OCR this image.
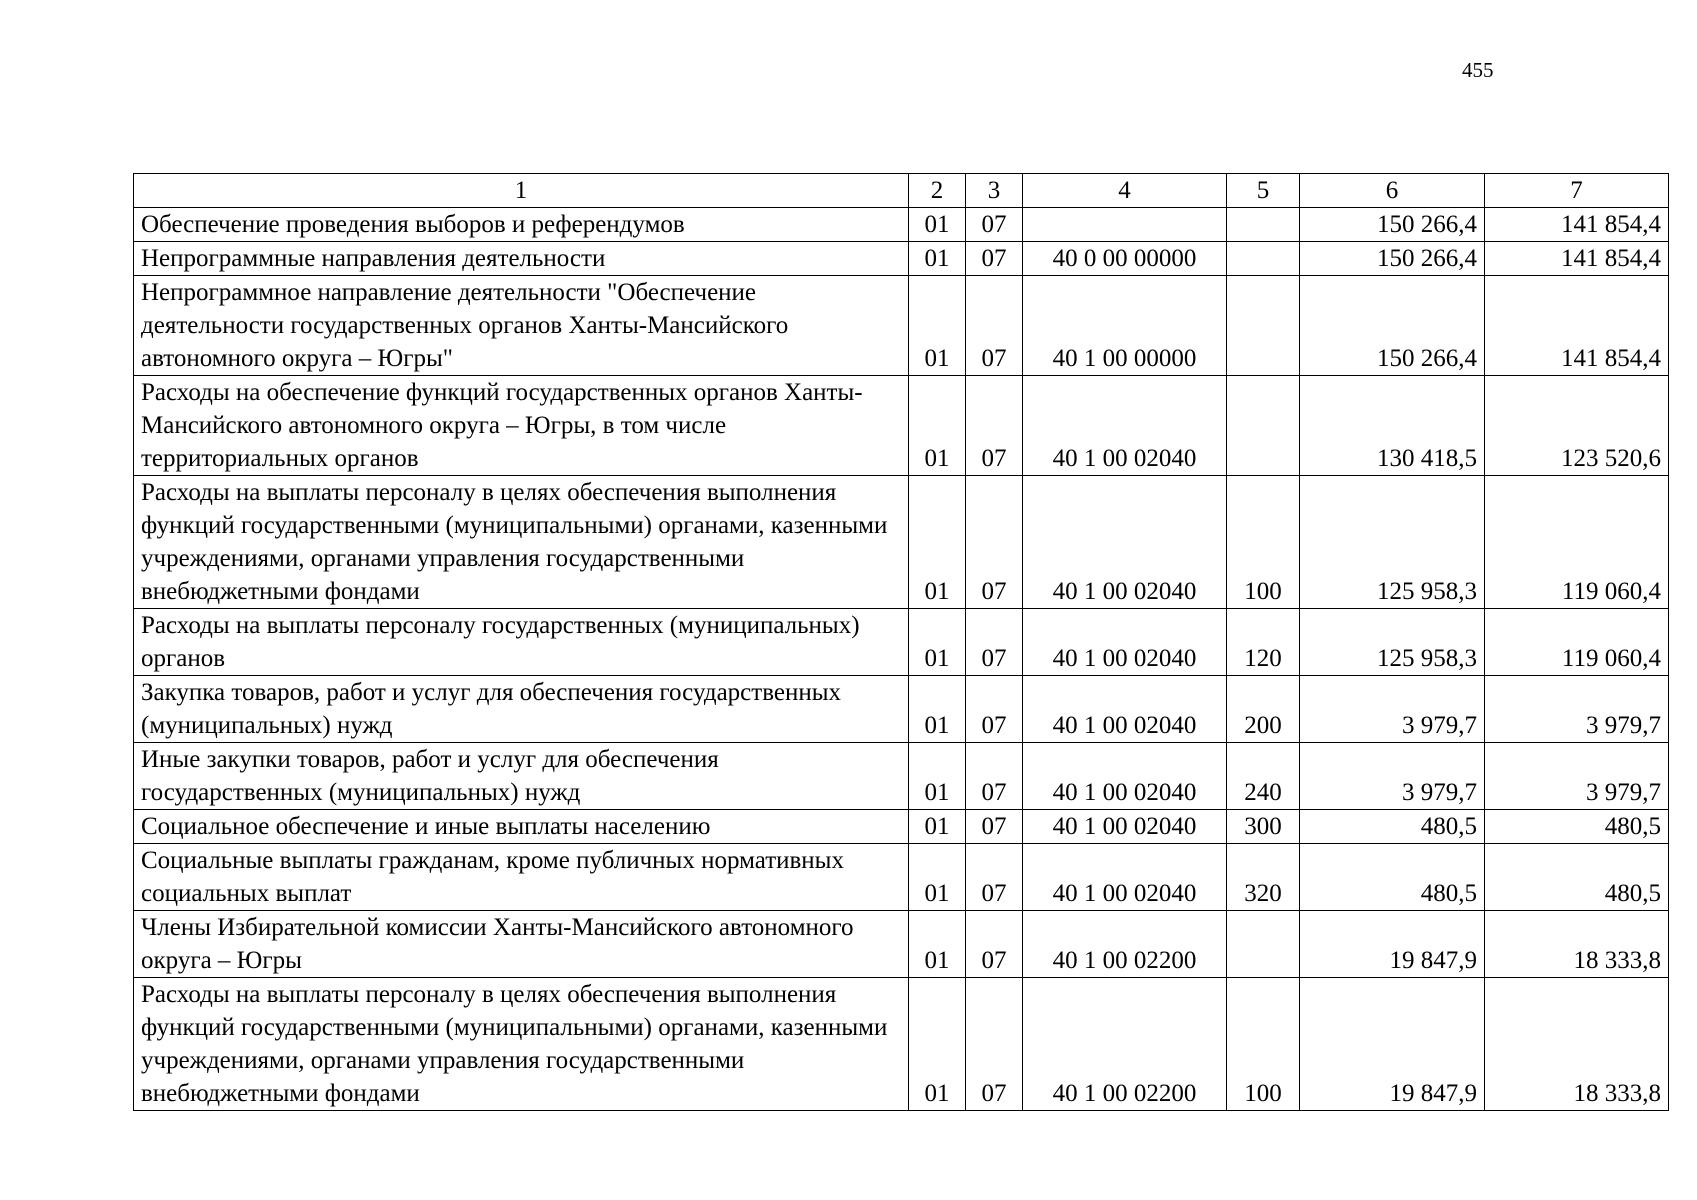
455
1	2	3	4	5	6	7
Обеспечение проведения выборов и референдумов	01	07			150 266,4	141 854,4
Непрограммные направления деятельности	01	07	40 0 00 00000		150 266,4	141 854,4
Непрограммное направление деятельности "Обеспечение деятельности государственных органов Ханты-Мансийского автономного округа – Югры"	01	07	40 1 00 00000		150 266,4	141 854,4
Расходы на обеспечение функций государственных органов Ханты-Мансийского автономного округа – Югры, в том числе территориальных органов	01	07	40 1 00 02040		130 418,5	123 520,6
Расходы на выплаты персоналу в целях обеспечения выполнения функций государственными (муниципальными) органами, казенными учреждениями, органами управления государственными внебюджетными фондами	01	07	40 1 00 02040	100	125 958,3	119 060,4
Расходы на выплаты персоналу государственных (муниципальных) органов	01	07	40 1 00 02040	120	125 958,3	119 060,4
Закупка товаров, работ и услуг для обеспечения государственных (муниципальных) нужд	01	07	40 1 00 02040	200	3 979,7	3 979,7
Иные закупки товаров, работ и услуг для обеспечения государственных (муниципальных) нужд	01	07	40 1 00 02040	240	3 979,7	3 979,7
Социальное обеспечение и иные выплаты населению	01	07	40 1 00 02040	300	480,5	480,5
Социальные выплаты гражданам, кроме публичных нормативных социальных выплат	01	07	40 1 00 02040	320	480,5	480,5
Члены Избирательной комиссии Ханты-Мансийского автономного округа – Югры	01	07	40 1 00 02200		19 847,9	18 333,8
Расходы на выплаты персоналу в целях обеспечения выполнения функций государственными (муниципальными) органами, казенными учреждениями, органами управления государственными внебюджетными фондами	01	07	40 1 00 02200	100	19 847,9	18 333,8
